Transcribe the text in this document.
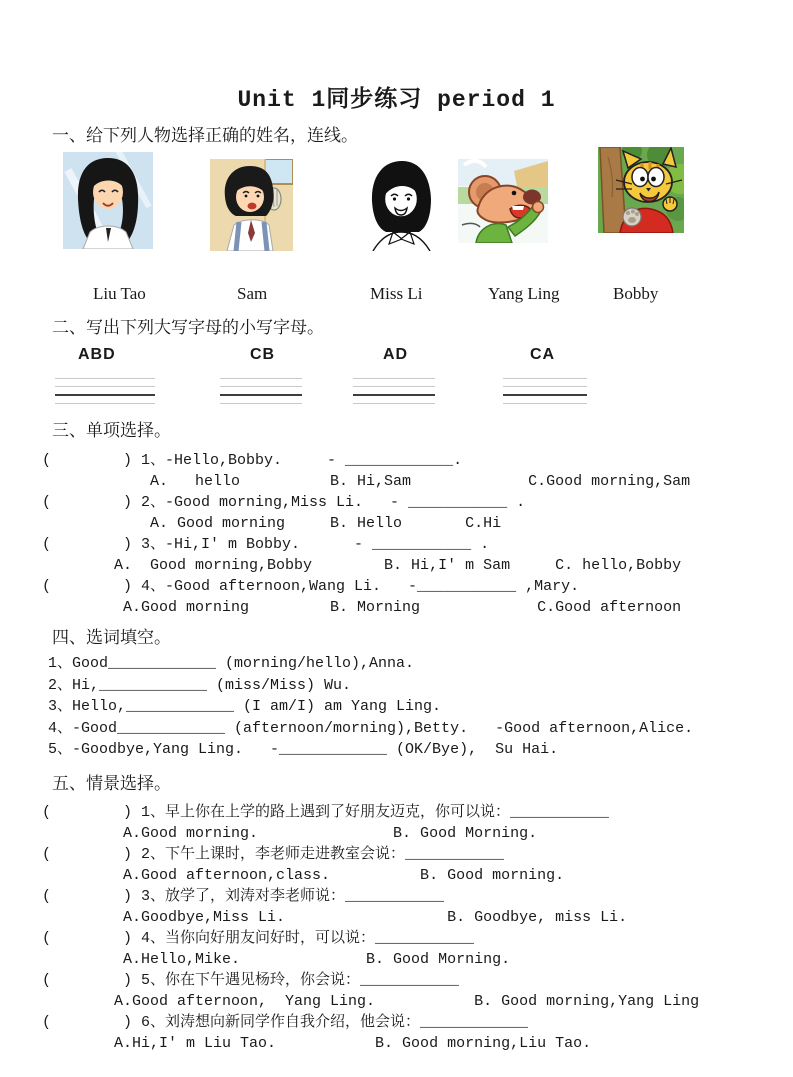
Unit 1同步练习 period 1
一、给下列人物选择正确的姓名，连线。
Liu Tao	Sam	Miss Li	Yang Ling	Bobby
二、写出下列大写字母的小写字母。
ABD	CB	AD	CA
三、单项选择。
(        ) 1、-Hello,Bobby.     - ____________.
A.   hello          B. Hi,Sam             C.Good morning,Sam
(        ) 2、-Good morning,Miss Li.   - ___________ .
A. Good morning     B. Hello       C.Hi
(        ) 3、-Hi,I' m Bobby.      - ___________ .
A.  Good morning,Bobby        B. Hi,I' m Sam     C. hello,Bobby
(        ) 4、-Good afternoon,Wang Li.   -___________ ,Mary.
A.Good morning         B. Morning             C.Good afternoon
四、选词填空。
1、Good____________ (morning/hello),Anna.
2、Hi,____________ (miss/Miss) Wu.
3、Hello,____________ (I am/I) am Yang Ling.
4、-Good____________ (afternoon/morning),Betty.   -Good afternoon,Alice.
5、-Goodbye,Yang Ling.   -____________ (OK/Bye),  Su Hai.
五、情景选择。
(        ) 1、早上你在上学的路上遇到了好朋友迈克，你可以说：___________
A.Good morning.               B. Good Morning.
(        ) 2、下午上课时，李老师走进教室会说：___________
A.Good afternoon,class.          B. Good morning.
(        ) 3、放学了，刘涛对李老师说：___________
A.Goodbye,Miss Li.                  B. Goodbye, miss Li.
(        ) 4、当你向好朋友问好时，可以说：___________
A.Hello,Mike.              B. Good Morning.
(        ) 5、你在下午遇见杨玲，你会说：___________
A.Good afternoon,  Yang Ling.           B. Good morning,Yang Ling
(        ) 6、刘涛想向新同学作自我介绍，他会说：____________
A.Hi,I' m Liu Tao.           B. Good morning,Liu Tao.
